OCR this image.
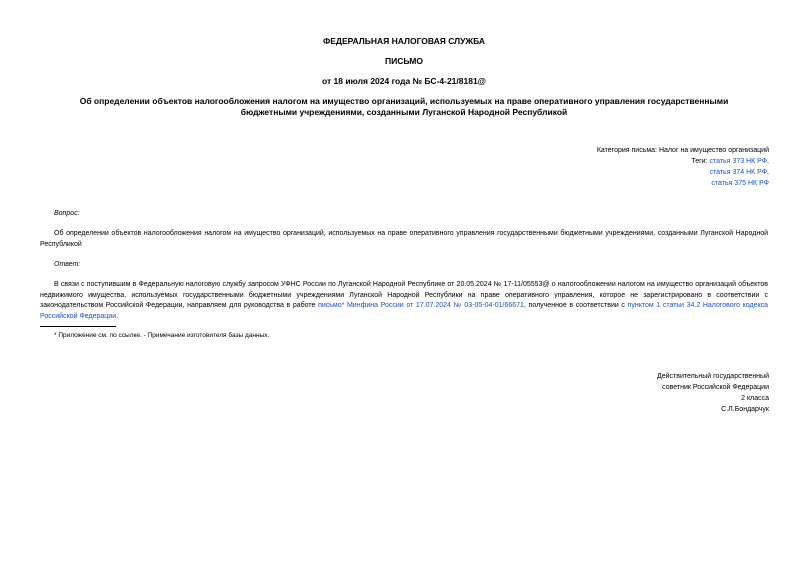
ФЕДЕРАЛЬНАЯ НАЛОГОВАЯ СЛУЖБА
ПИСЬМО
от 18 июля 2024 года № БС-4-21/8181@
Об определении объектов налогообложения налогом на имущество организаций, используемых на праве оперативного управления государственными
бюджетными учреждениями, созданными Луганской Народной Республикой
Категория письма: Налог на имущество организаций
Теги: статья 373 НК РФ,
статья 374 НК РФ,
статья 375 НК РФ
Вопрос:
Об определении объектов налогообложения налогом на имущество организаций, используемых на праве оперативного управления государственными бюджетными учреждениями, созданными Луганской Народной Республикой
Ответ:
В связи с поступившим в Федеральную налоговую службу запросом УФНС России по Луганской Народной Республике от 20.05.2024 № 17-11/05553@ о налогообложении налогом на имущество организаций объектов недвижимого имущества, используемых государственными бюджетными учреждениями Луганской Народной Республики на праве оперативного управления, которое не зарегистрировано в соответствии с законодательством Российской Федерации, направляем для руководства в работе письмо* Минфина России от 17.07.2024 № 03-05-04-01/66671, полученное в соответствии с пунктом 1 статьи 34.2 Налогового кодекса Российской Федерации.
* Приложение см. по ссылке. - Примечание изготовителя базы данных.
Действительный государственный
советник Российской Федерации
2 класса
С.Л.Бондарчук
